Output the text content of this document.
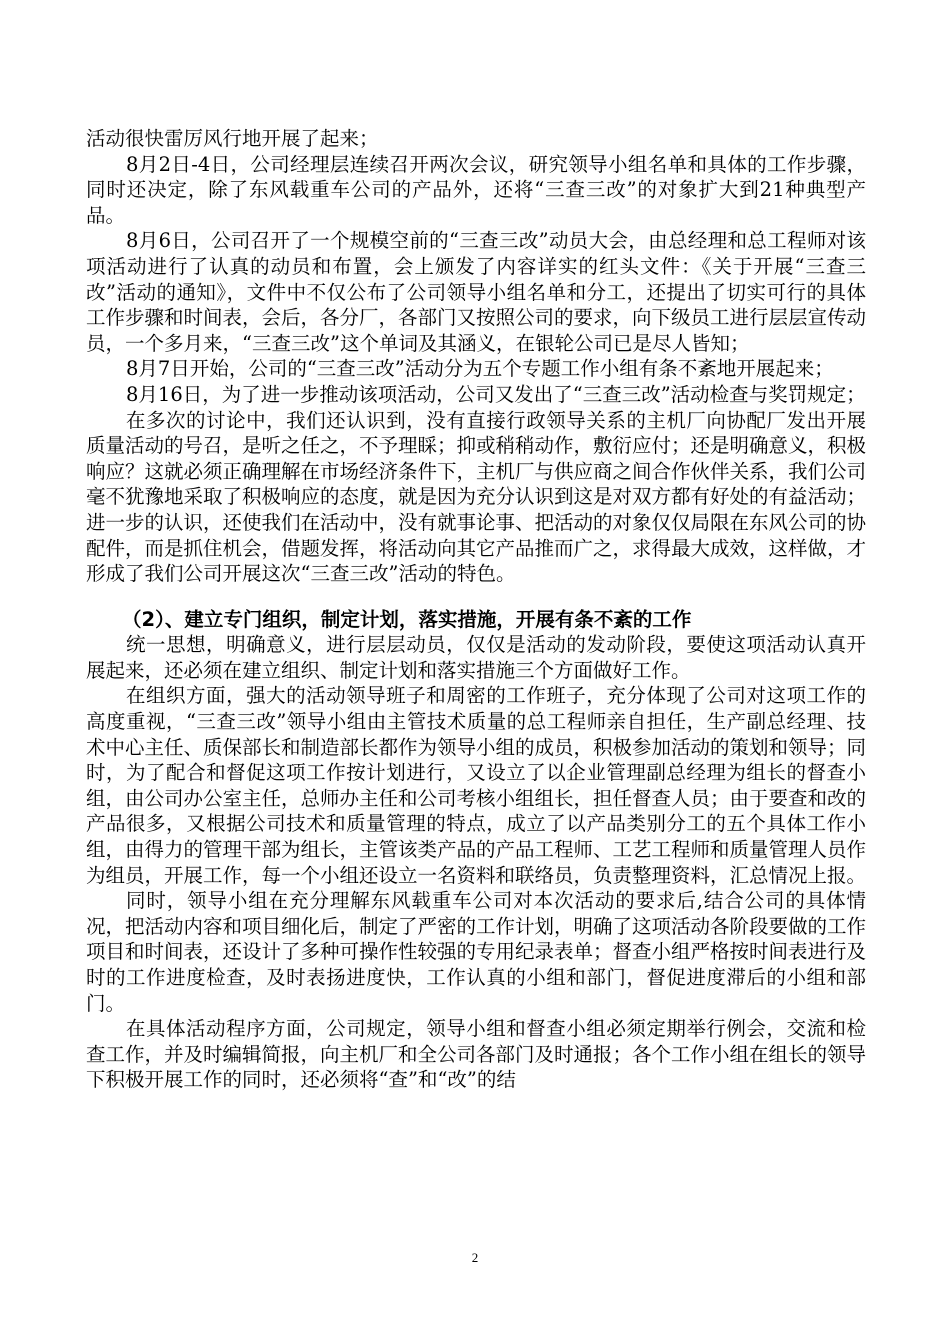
活动很快雷厉风行地开展了起来；

8月2日-4日，公司经理层连续召开两次会议，研究领导小组名单和具体的工作步骤，同时还决定，除了东风载重车公司的产品外，还将“三查三改”的对象扩大到21种典型产品。

8月6日，公司召开了一个规模空前的“三查三改”动员大会，由总经理和总工程师对该项活动进行了认真的动员和布置，会上颁发了内容详实的红头文件：《关于开展“三查三改”活动的通知》，文件中不仅公布了公司领导小组名单和分工，还提出了切实可行的具体工作步骤和时间表，会后，各分厂，各部门又按照公司的要求，向下级员工进行层层宣传动员，一个多月来，“三查三改”这个单词及其涵义，在银轮公司已是尽人皆知；

8月7日开始，公司的“三查三改”活动分为五个专题工作小组有条不紊地开展起来；

8月16日，为了进一步推动该项活动，公司又发出了“三查三改”活动检查与奖罚规定；

在多次的讨论中，我们还认识到，没有直接行政领导关系的主机厂向协配厂发出开展质量活动的号召，是听之任之，不予理睬；抑或稍稍动作，敷衍应付；还是明确意义，积极响应？这就必须正确理解在市场经济条件下，主机厂与供应商之间合作伙伴关系，我们公司毫不犹豫地采取了积极响应的态度，就是因为充分认识到这是对双方都有好处的有益活动；进一步的认识，还使我们在活动中，没有就事论事、把活动的对象仅仅局限在东风公司的协配件，而是抓住机会，借题发挥，将活动向其它产品推而广之，求得最大成效，这样做，才形成了我们公司开展这次“三查三改”活动的特色。

（2）、建立专门组织，制定计划，落实措施，开展有条不紊的工作

统一思想，明确意义，进行层层动员，仅仅是活动的发动阶段，要使这项活动认真开展起来，还必须在建立组织、制定计划和落实措施三个方面做好工作。

在组织方面，强大的活动领导班子和周密的工作班子，充分体现了公司对这项工作的高度重视，“三查三改”领导小组由主管技术质量的总工程师亲自担任，生产副总经理、技术中心主任、质保部长和制造部长都作为领导小组的成员，积极参加活动的策划和领导；同时，为了配合和督促这项工作按计划进行，又设立了以企业管理副总经理为组长的督查小组，由公司办公室主任，总师办主任和公司考核小组组长，担任督查人员；由于要查和改的产品很多，又根据公司技术和质量管理的特点，成立了以产品类别分工的五个具体工作小组，由得力的管理干部为组长，主管该类产品的产品工程师、工艺工程师和质量管理人员作为组员，开展工作，每一个小组还设立一名资料和联络员，负责整理资料，汇总情况上报。

同时，领导小组在充分理解东风载重车公司对本次活动的要求后,结合公司的具体情况，把活动内容和项目细化后，制定了严密的工作计划，明确了这项活动各阶段要做的工作项目和时间表，还设计了多种可操作性较强的专用纪录表单；督查小组严格按时间表进行及时的工作进度检查，及时表扬进度快，工作认真的小组和部门，督促进度滞后的小组和部门。

在具体活动程序方面，公司规定，领导小组和督查小组必须定期举行例会，交流和检查工作，并及时编辑简报，向主机厂和全公司各部门及时通报；各个工作小组在组长的领导下积极开展工作的同时，还必须将“查”和“改”的结

2
